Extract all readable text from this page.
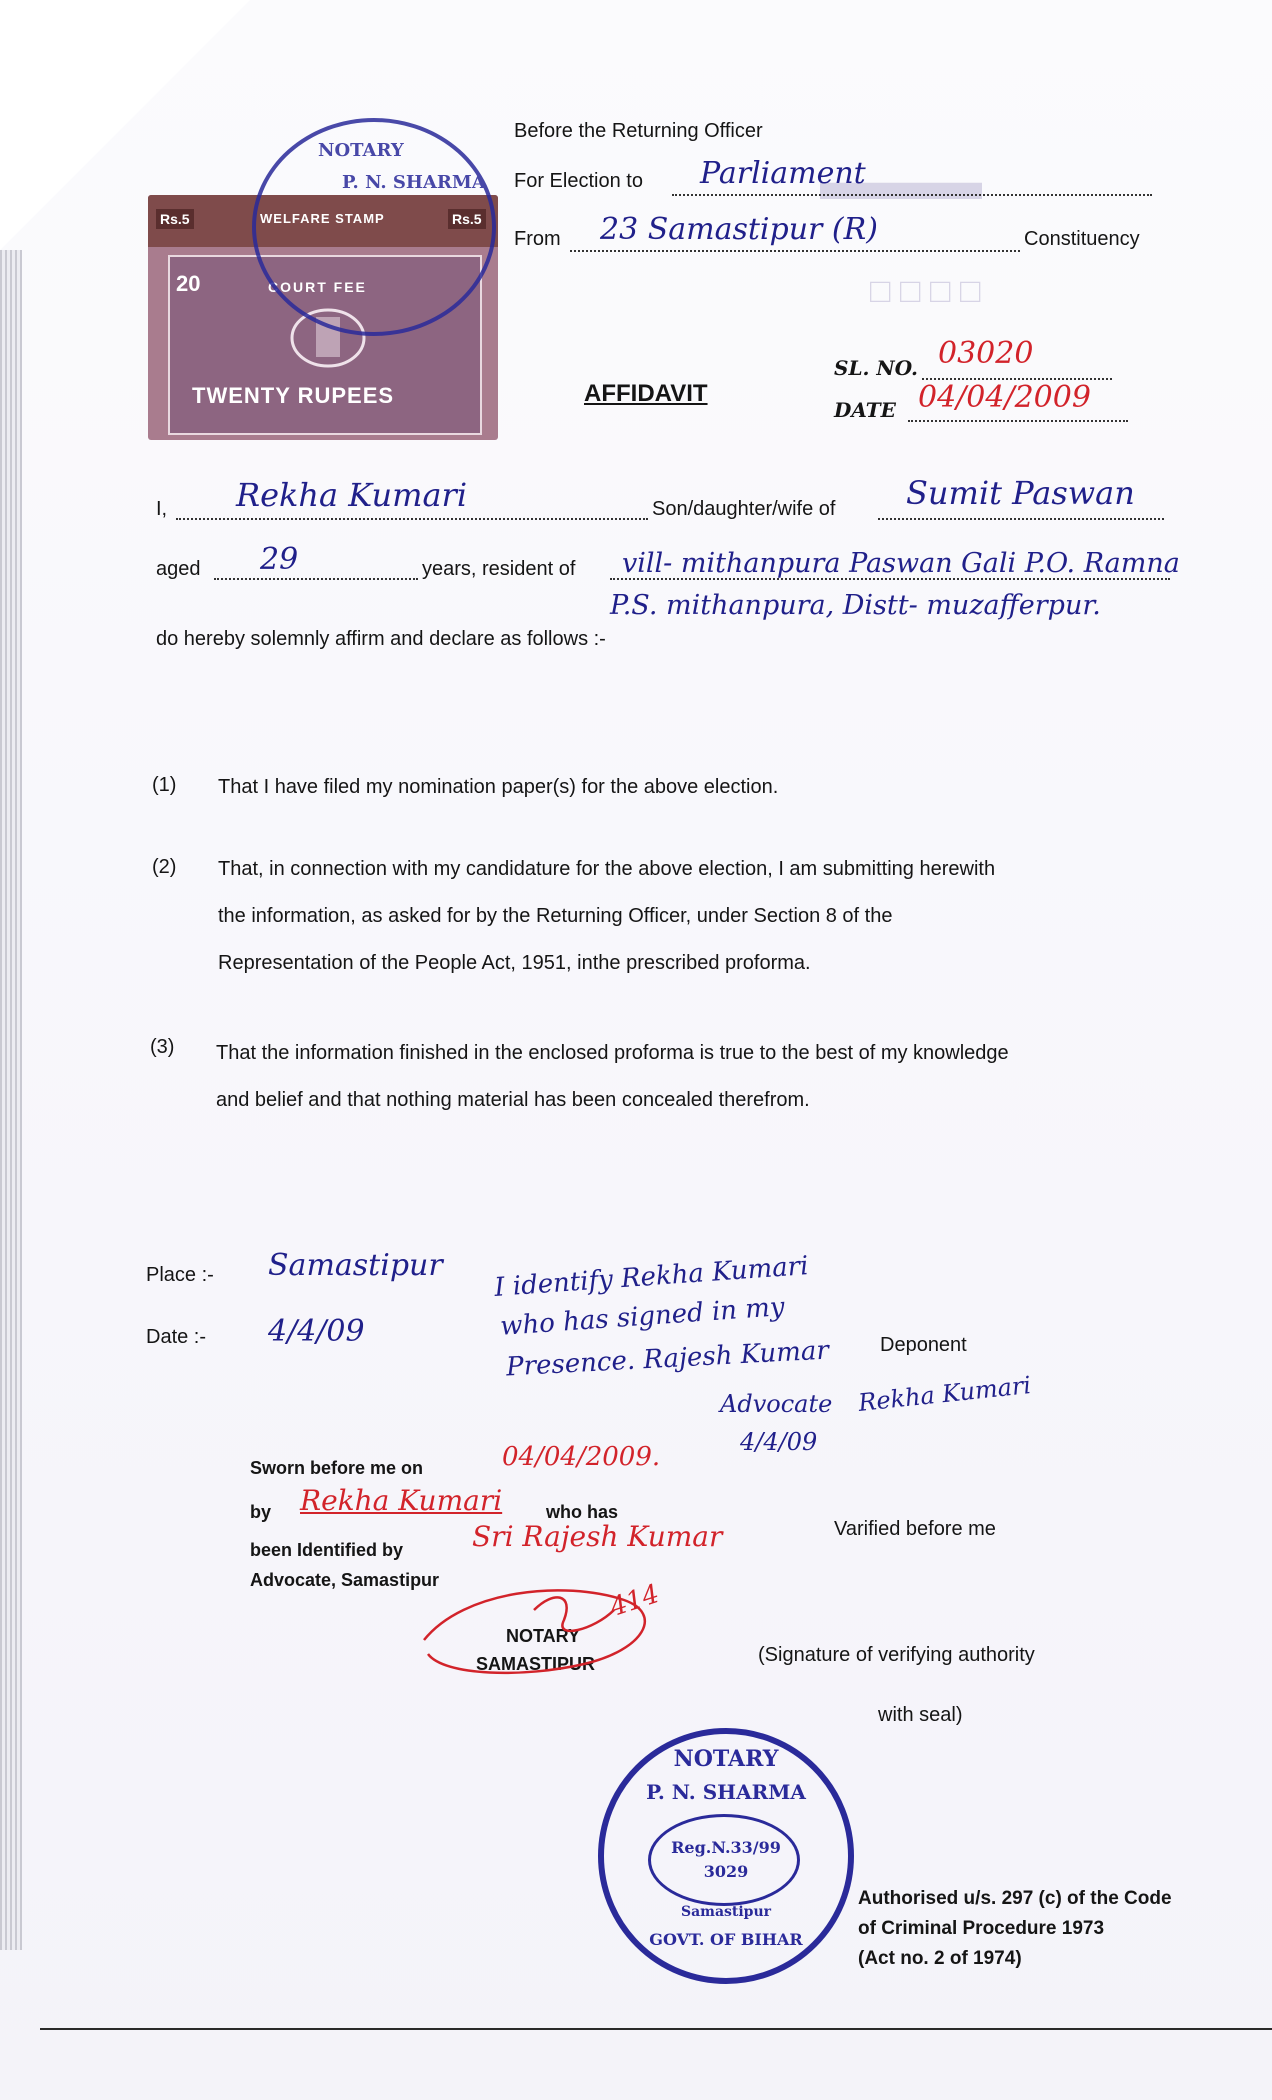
▬▬▬
□ □ □ □
Before the Returning Officer
For Election to Parliament
From 23 Samastipur (R)	Constituency
Rs.5	WELFARE STAMP	Rs.5
20	COURT FEE
TWENTY RUPEES
NOTARY
P. N. SHARMA
SL. NO. 03020
DATE 04/04/2009
AFFIDAVIT
I, Rekha Kumari	Son/daughter/wife of Sumit Paswan
aged 29	years, resident of vill- mithanpura Paswan Gali P.O. Ramna
P.S. mithanpura, Distt- muzafferpur.
do hereby solemnly affirm and declare as follows :-
(1) That I have filed my nomination paper(s) for the above election.
(2) That, in connection with my candidature for the above election, I am submitting herewith
the information, as asked for by the Returning Officer, under Section 8 of the
Representation of the People Act, 1951, inthe prescribed proforma.
(3) That the information finished in the enclosed proforma is true to the best of my knowledge
and belief and that nothing material has been concealed therefrom.
Place :- Samastipur
Date :- 4/4/09
I identify Rekha Kumari
who has signed in my
Presence. Rajesh Kumar
Advocate
4/4/09
Deponent
Rekha Kumari
Sworn before me on	04/04/2009.
by Rekha Kumari who has
been Identified by Sri Rajesh Kumar
Advocate, Samastipur
NOTARY
SAMASTIPUR
414
Varified before me
(Signature of verifying authority
with seal)
NOTARY
P. N. SHARMA
Reg.N.33/99
3029
Samastipur
GOVT. OF BIHAR
Authorised u/s. 297 (c) of the Code
of Criminal Procedure 1973
(Act no. 2 of 1974)
